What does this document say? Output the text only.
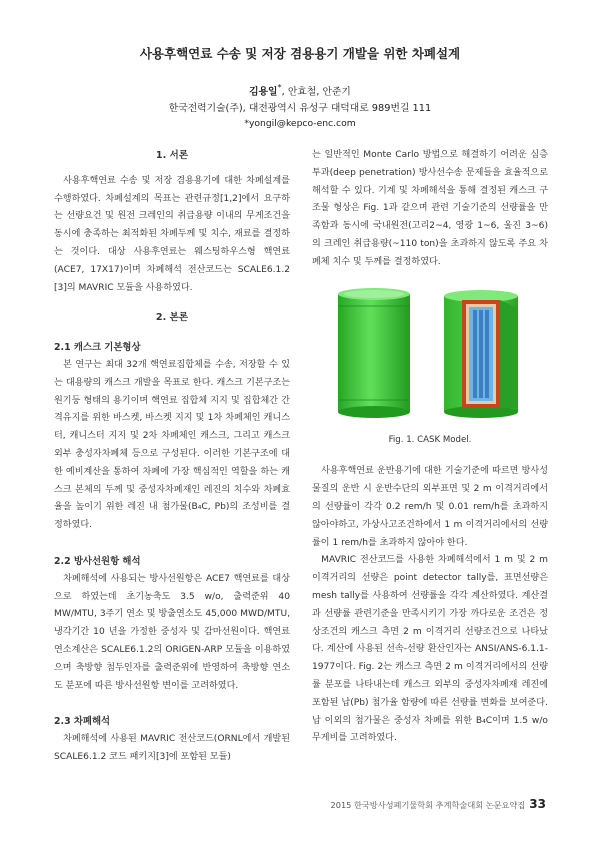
사용후핵연료 수송 및 저장 겸용용기 개발을 위한 차폐설계
김용일*, 안효철, 안준기
한국전력기술(주), 대전광역시 유성구 대덕대로 989번길 111
*yongil@kepco-enc.com
1. 서론

사용후핵연료 수송 및 저장 겸용용기에 대한 차폐설계를 수행하였다. 차폐설계의 목표는 관련규정[1,2]에서 요구하는 선량요건 및 원전 크레인의 취급용량 이내의 무게조건을 동시에 충족하는 최적화된 차폐두께 및 치수, 재료를 결정하는 것이다. 대상 사용후연료는 웨스팅하우스형 핵연료(ACE7, 17X17)이며 차폐해석 전산코드는 SCALE6.1.2 [3]의 MAVRIC 모듈을 사용하였다.

2. 본론
2.1 캐스크 기본형상

본 연구는 최대 32개 핵연료집합체를 수송, 저장할 수 있는 대용량의 캐스크 개발을 목표로 한다. 캐스크 기본구조는 원기둥 형태의 용기이며 핵연료 집합체 지지 및 집합체간 간격유지를 위한 바스켓, 바스켓 지지 및 1차 차폐체인 캐니스터, 캐니스터 지지 및 2차 차폐체인 캐스크, 그리고 캐스크 외부 충성자차폐체 등으로 구성된다. 이러한 기본구조에 대한 예비계산을 통하여 차폐에 가장 핵심적인 역할을 하는 캐스크 본체의 두께 및 중성자차폐재인 레진의 치수와 차폐효율을 높이기 위한 레진 내 첨가물(B₄C, Pb)의 조성비를 결정하였다.

2.2 방사선원항 해석

차폐해석에 사용되는 방사선원항은 ACE7 핵연료를 대상으로 하였는데 초기농축도 3.5 w/o, 출력준위 40 MW/MTU, 3주기 연소 및 방출연소도 45,000 MWD/MTU, 냉각기간 10 년을 가정한 중성자 및 감마선원이다. 핵연료 연소계산은 SCALE6.1.2의 ORIGEN-ARP 모듈을 이용하였으며 축방향 첨두인자를 출력준위에 반영하여 축방향 연소도 분포에 따른 방사선원항 변이를 고려하였다.

2.3 차폐해석

차폐해석에 사용된 MAVRIC 전산코드(ORNL에서 개발된 SCALE6.1.2 코드 패키지[3]에 포함된 모듈)

는 일반적인 Monte Carlo 방법으로 해결하기 어려운 심층투과(deep penetration) 방사선수송 문제들을 효율적으로 해석할 수 있다. 기계 및 차폐해석을 통해 결정된 캐스크 구조물 형상은 Fig. 1과 같으며 관련 기술기준의 선량률을 만족함과 동시에 국내원전(고리2~4, 영광 1~6, 울진 3~6)의 크레인 취급용량(~110 ton)을 초과하지 않도록 주요 차폐체 치수 및 두께를 결정하였다.

Fig. 1. CASK Model.

사용후핵연료 운반용기에 대한 기술기준에 따르면 방사성물질의 운반 시 운반수단의 외부표면 및 2 m 이격거리에서의 선량률이 각각 0.2 rem/h 및 0.01 rem/h를 초과하지 않아야하고, 가상사고조건하에서 1 m 이격거리에서의 선량률이 1 rem/h를 초과하지 않아야 한다.

MAVRIC 전산코드를 사용한 차폐해석에서 1 m 및 2 m 이격거리의 선량은 point detector tally를, 표면선량은 mesh tally를 사용하여 선량률을 각각 계산하였다. 계산결과 선량률 관련기준을 만족시키기 가장 까다로운 조건은 정상조건의 캐스크 측면 2 m 이격거리 선량조건으로 나타났다. 계산에 사용된 선속-선량 환산인자는 ANSI/ANS-6.1.1-1977이다. Fig. 2는 캐스크 측면 2 m 이격거리에서의 선량률 분포를 나타내는데 캐스크 외부의 중성자차폐재 레진에 포함된 납(Pb) 첨가율 함량에 따른 선량률 변화를 보여준다. 납 이외의 첨가물은 중성자 차폐를 위한 B₄C이며 1.5 w/o 무게비를 고려하였다.

2015 한국방사성폐기물학회 추계학술대회 논문요약집 33
